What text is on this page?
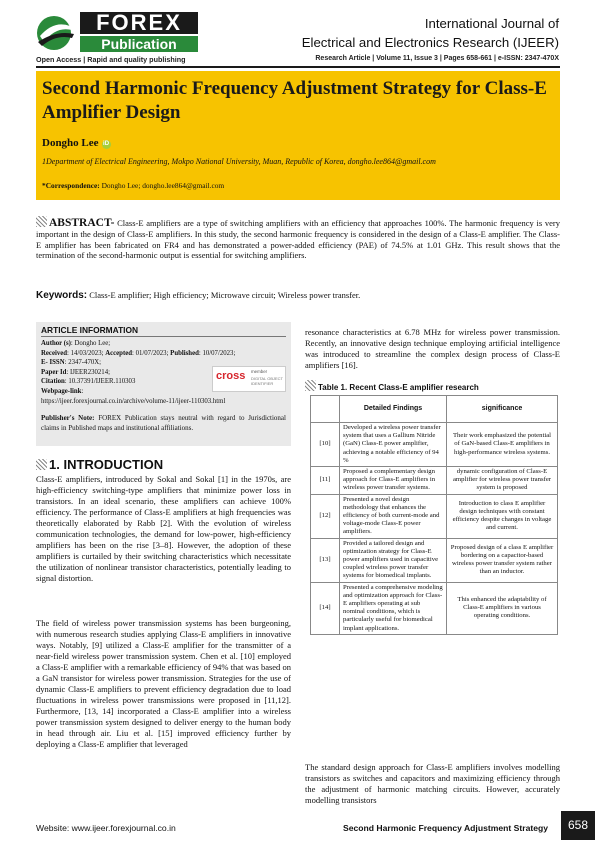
FOREX
Publication
Open Access | Rapid and quality publishing
International Journal of
Electrical and Electronics Research (IJEER)
Research Article | Volume 11, Issue 3 | Pages 658-661 | e-ISSN: 2347-470X
Second Harmonic Frequency Adjustment Strategy for Class-E Amplifier Design
Dongho Lee iD
1Department of Electrical Engineering, Mokpo National University, Muan, Republic of Korea, dongho.lee864@gmail.com
*Correspondence: Dongho Lee; dongho.lee864@gmail.com
ABSTRACT- Class-E amplifiers are a type of switching amplifiers with an efficiency that approaches 100%. The harmonic frequency is very important in the design of Class-E amplifiers. In this study, the second harmonic frequency is considered in the design of a Class-E amplifier. The Class-E amplifier has been fabricated on FR4 and has demonstrated a power-added efficiency (PAE) of 74.5% at 1.01 GHz. This result shows that the termination of the second-harmonic output is essential for switching amplifiers.
Keywords: Class-E amplifier; High efficiency; Microwave circuit; Wireless power transfer.
ARTICLE INFORMATION
Author (s): Dongho Lee;
Received: 14/03/2023; Accepted: 01/07/2023; Published: 10/07/2023;
E- ISSN: 2347-470X;
Paper Id: IJEER230214;
Citation: 10.37391/IJEER.110303
Webpage-link:
https://ijeer.forexjournal.co.in/archive/volume-11/ijeer-110303.html
cross member
DIGITAL OBJECT IDENTIFIER
Publisher's Note: FOREX Publication stays neutral with regard to Jurisdictional claims in Published maps and institutional affiliations.
1. INTRODUCTION
Class-E amplifiers, introduced by Sokal and Sokal [1] in the 1970s, are high-efficiency switching-type amplifiers that minimize power loss in transistors. In an ideal scenario, these amplifiers can achieve 100% efficiency. The performance of Class-E amplifiers at high frequencies was theoretically elaborated by Rabb [2]. With the evolution of wireless communication technologies, the demand for low-power, high-efficiency amplifiers has been on the rise [3–8]. However, the adoption of these amplifiers is curtailed by their switching characteristics which necessitate the utilization of nonlinear transistor characteristics, potentially leading to signal distortion.
The field of wireless power transmission systems has been burgeoning, with numerous research studies applying Class-E amplifiers in innovative ways. Notably, [9] utilized a Class-E amplifier for the transmitter of a near-field wireless power transmission system. Chen et al. [10] employed a Class-E amplifier with a remarkable efficiency of 94% that was based on a GaN transistor for wireless power transmission. Strategies for the use of dynamic Class-E amplifiers to prevent efficiency degradation due to load fluctuations in wireless power transmissions were proposed in [11,12]. Furthermore, [13, 14] incorporated a Class-E amplifier into a wireless power transmission system designed to deliver energy to the human body in head through air. Liu et al. [15] improved efficiency further by deploying a Class-E amplifier that leveraged
resonance characteristics at 6.78 MHz for wireless power transmission. Recently, an innovative design technique employing artificial intelligence was introduced to streamline the complex design process of Class-E amplifiers [16].
Table 1. Recent Class-E amplifier research
	Detailed Findings	significance
[10]	Developed a wireless power transfer system that uses a Gallium Nitride (GaN) Class-E power amplifier, achieving a notable efficiency of 94 %	Their work emphasized the potential of GaN-based Class-E amplifiers in high-performance wireless systems.
[11]	Proposed a complementary design approach for Class-E amplifiers in wireless power transfer systems.	dynamic configuration of Class-E amplifier for wireless power transfer system is proposed
[12]	Presented a novel design methodology that enhances the efficiency of both current-mode and voltage-mode Class-E power amplifiers.	Introduction to class E amplifier design techniques with constant efficiency despite changes in voltage and current.
[13]	Provided a tailored design and optimization strategy for Class-E power amplifiers used in capacitive coupled wireless power transfer systems for biomedical implants.	Proposed design of a class E amplifier bordering on a capacitor-based wireless power transfer system rather than an inductor.
[14]	Presented a comprehensive modeling and optimization approach for Class-E amplifiers operating at sub nominal conditions, which is particularly useful for biomedical implant applications.	This enhanced the adaptability of Class-E amplifiers in various operating conditions.
The standard design approach for Class-E amplifiers involves modelling transistors as switches and capacitors and maximizing efficiency through the adjustment of harmonic matching circuits. However, accurately modelling transistors
Website: www.ijeer.forexjournal.co.in	Second Harmonic Frequency Adjustment Strategy	658
